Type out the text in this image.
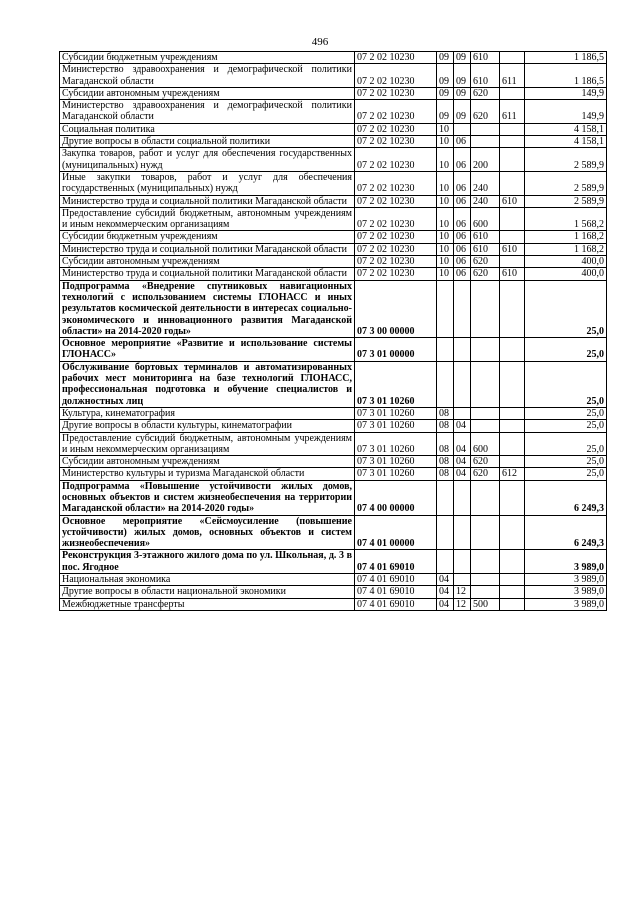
496
Субсидии бюджетным учреждениям	07 2 02 10230	09	09	610		1 186,5
Министерство здравоохранения и демографической политики Магаданской области	07 2 02 10230	09	09	610	611	1 186,5
Субсидии автономным учреждениям	07 2 02 10230	09	09	620		149,9
Министерство здравоохранения и демографической политики Магаданской области	07 2 02 10230	09	09	620	611	149,9
Социальная политика	07 2 02 10230	10				4 158,1
Другие вопросы в области социальной политики	07 2 02 10230	10	06			4 158,1
Закупка товаров, работ и услуг для обеспечения государственных (муниципальных) нужд	07 2 02 10230	10	06	200		2 589,9
Иные закупки товаров, работ и услуг для обеспечения государственных (муниципальных) нужд	07 2 02 10230	10	06	240		2 589,9
Министерство труда и социальной политики Магаданской области	07 2 02 10230	10	06	240	610	2 589,9
Предоставление субсидий бюджетным, автономным учреждениям и иным некоммерческим организациям	07 2 02 10230	10	06	600		1 568,2
Субсидии бюджетным учреждениям	07 2 02 10230	10	06	610		1 168,2
Министерство труда и социальной политики Магаданской области	07 2 02 10230	10	06	610	610	1 168,2
Субсидии автономным учреждениям	07 2 02 10230	10	06	620		400,0
Министерство труда и социальной политики Магаданской области	07 2 02 10230	10	06	620	610	400,0
Подпрограмма «Внедрение спутниковых навигационных технологий с использованием системы ГЛОНАСС и иных результатов космической деятельности в интересах социально-экономического и инновационного развития Магаданской области» на 2014-2020 годы»	07 3 00 00000					25,0
Основное мероприятие «Развитие и использование системы ГЛОНАСС»	07 3 01 00000					25,0
Обслуживание бортовых терминалов и автоматизированных рабочих мест мониторинга на базе технологий ГЛОНАСС, профессиональная подготовка и обучение специалистов и должностных лиц	07 3 01 10260					25,0
Культура, кинематография	07 3 01 10260	08				25,0
Другие вопросы в области культуры, кинематографии	07 3 01 10260	08	04			25,0
Предоставление субсидий бюджетным, автономным учреждениям и иным некоммерческим организациям	07 3 01 10260	08	04	600		25,0
Субсидии автономным учреждениям	07 3 01 10260	08	04	620		25,0
Министерство культуры и туризма Магаданской области	07 3 01 10260	08	04	620	612	25,0
Подпрограмма «Повышение устойчивости жилых домов, основных объектов и систем жизнеобеспечения на территории Магаданской области» на 2014-2020 годы»	07 4 00 00000					6 249,3
Основное мероприятие «Сейсмоусиление (повышение устойчивости) жилых домов, основных объектов и систем жизнеобеспечения»	07 4 01 00000					6 249,3
Реконструкция 3-этажного жилого дома по ул. Школьная, д. 3 в пос. Ягодное	07 4 01 69010					3 989,0
Национальная экономика	07 4 01 69010	04				3 989,0
Другие вопросы в области национальной экономики	07 4 01 69010	04	12			3 989,0
Межбюджетные трансферты	07 4 01 69010	04	12	500		3 989,0
